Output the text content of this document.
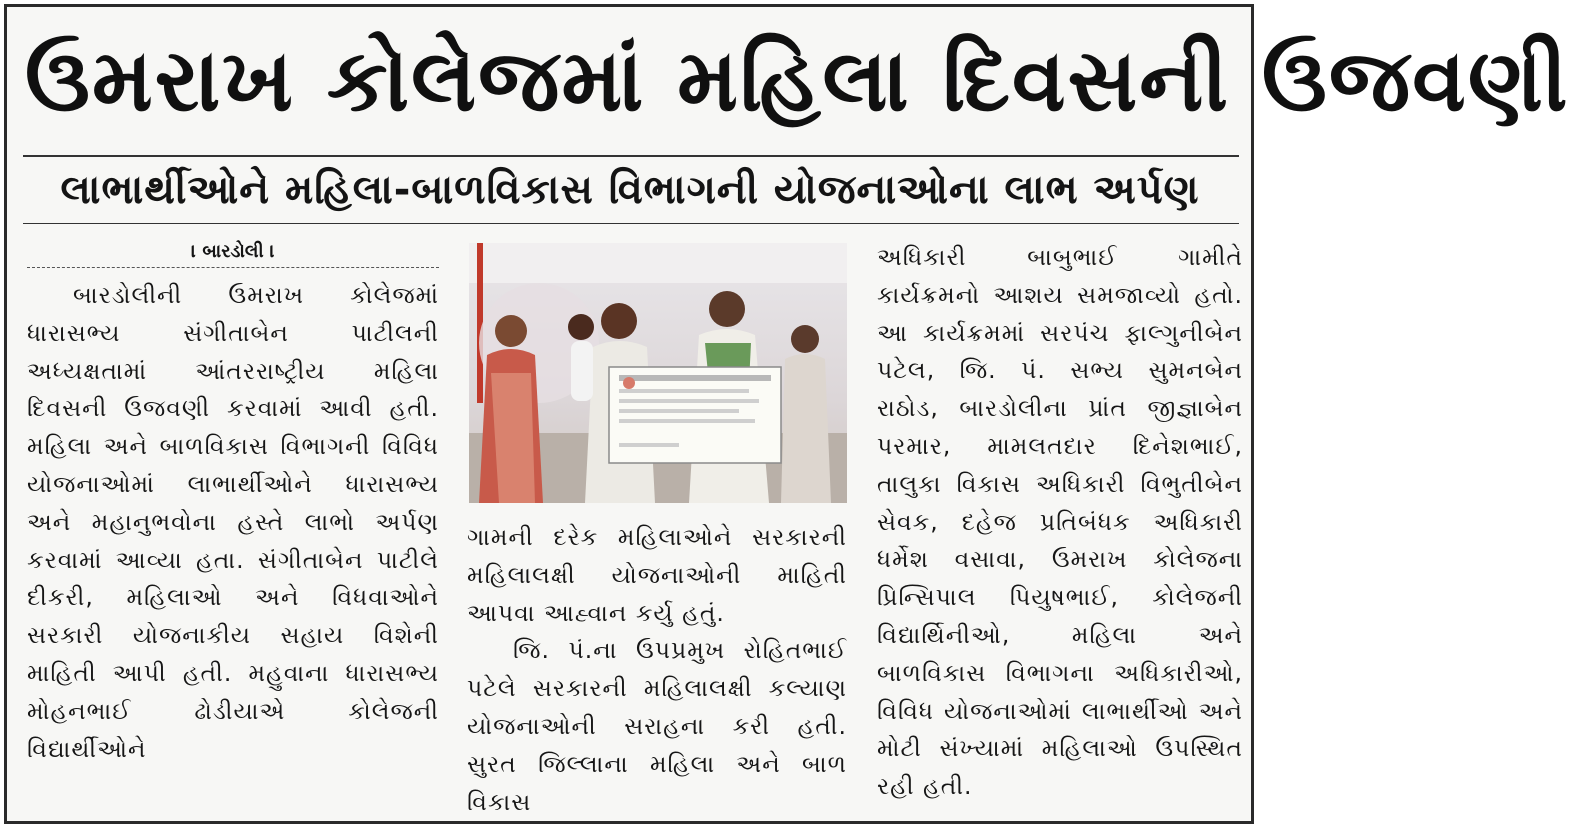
ઉમરાખ કોલેજમાં મહિલા દિવસની ઉજવણી
લાભાર્થીઓને મહિલા-બાળવિકાસ વિભાગની યોજનાઓના લાભ અર્પણ
। બારડોલી ।

બારડોલીની ઉમરાખ કોલેજમાં ધારાસભ્ય સંગીતાબેન પાટીલની અધ્યક્ષતામાં આંતરરાષ્ટ્રીય મહિલા દિવસની ઉજવણી કરવામાં આવી હતી. મહિલા અને બાળવિકાસ વિભાગની વિવિધ યોજનાઓમાં લાભાર્થીઓને ધારાસભ્ય અને મહાનુભવોના હસ્તે લાભો અર્પણ કરવામાં આવ્યા હતા. સંગીતાબેન પાટીલે દીકરી, મહિલાઓ અને વિધવાઓને સરકારી યોજનાકીય સહાય વિશેની માહિતી આપી હતી. મહુવાના ધારાસભ્ય મોહનભાઈ ઢોડીયાએ કોલેજની વિદ્યાર્થીઓને

ગામની દરેક મહિલાઓને સરકારની મહિલાલક્ષી યોજનાઓની માહિતી આપવા આહ્વાન કર્યુ હતું.

જિ. પં.ના ઉપપ્રમુખ રોહિતભાઈ પટેલે સરકારની મહિલાલક્ષી કલ્યાણ યોજનાઓની સરાહના કરી હતી. સુરત જિલ્લાના મહિલા અને બાળ વિકાસ

અધિકારી બાબુભાઈ ગામીતે કાર્યક્રમનો આશય સમજાવ્યો હતો. આ કાર્યક્રમમાં સરપંચ ફાલ્ગુનીબેન પટેલ, જિ. પં. સભ્ય સુમનબેન રાઠોડ, બારડોલીના પ્રાંત જીજ્ઞાબેન પરમાર, મામલતદાર દિનેશભાઈ, તાલુકા વિકાસ અધિકારી વિભુતીબેન સેવક, દહેજ પ્રતિબંધક અધિકારી ધર્મેશ વસાવા, ઉમરાખ કોલેજના પ્રિન્સિપાલ પિયુષભાઈ, કોલેજની વિદ્યાર્થિનીઓ, મહિલા અને બાળવિકાસ વિભાગના અધિકારીઓ, વિવિધ યોજનાઓમાં લાભાર્થીઓ અને મોટી સંખ્યામાં મહિલાઓ ઉપસ્થિત રહી હતી.
